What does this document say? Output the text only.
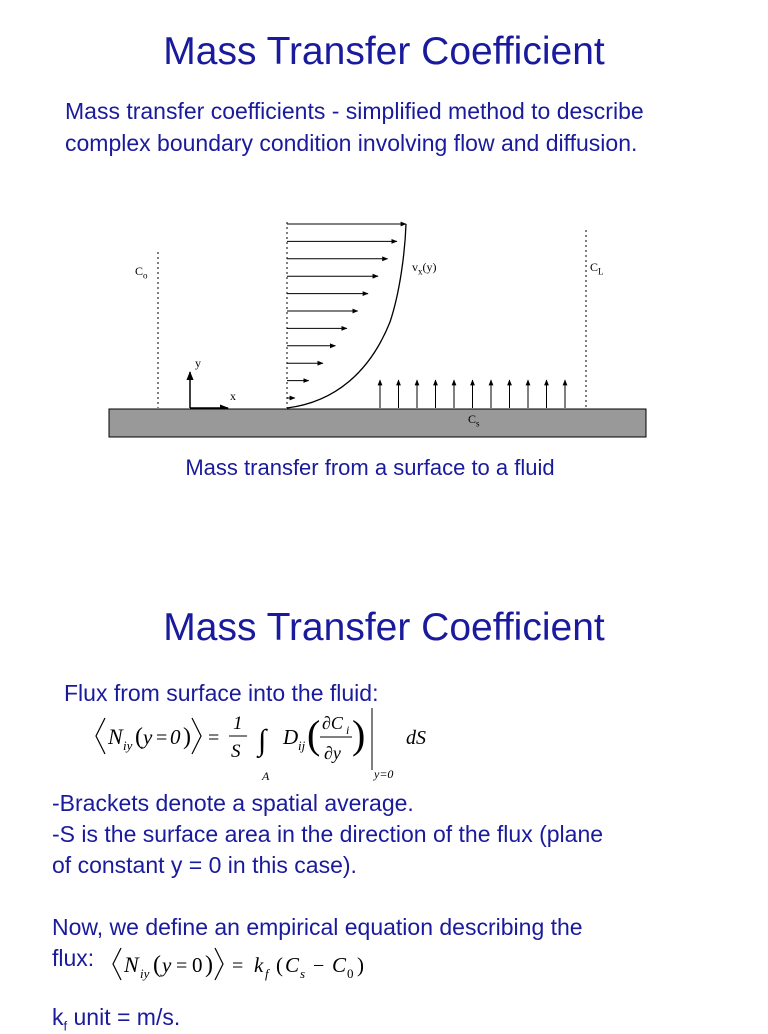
Mass Transfer Coefficient
Mass transfer coefficients - simplified method to describe
complex boundary condition involving flow and diffusion.
$C_o$
$C_L$
$v_x(y)$
y
x
$C_s$
Mass transfer from a surface to a fluid
Mass Transfer Coefficient
Flux from surface into the fluid:
N iy ( y = 0 ) =
1
S ∫
A
D ij ( ∂C i
∂y )
y=0
dS
-Brackets denote a spatial average.
-S is the surface area in the direction of the flux (plane
of constant y = 0 in this case).
Now, we define an empirical equation describing the
flux:	N iy ( y = 0 ) = k f ( C s − C 0 )
$k_f$ unit = m/s.
